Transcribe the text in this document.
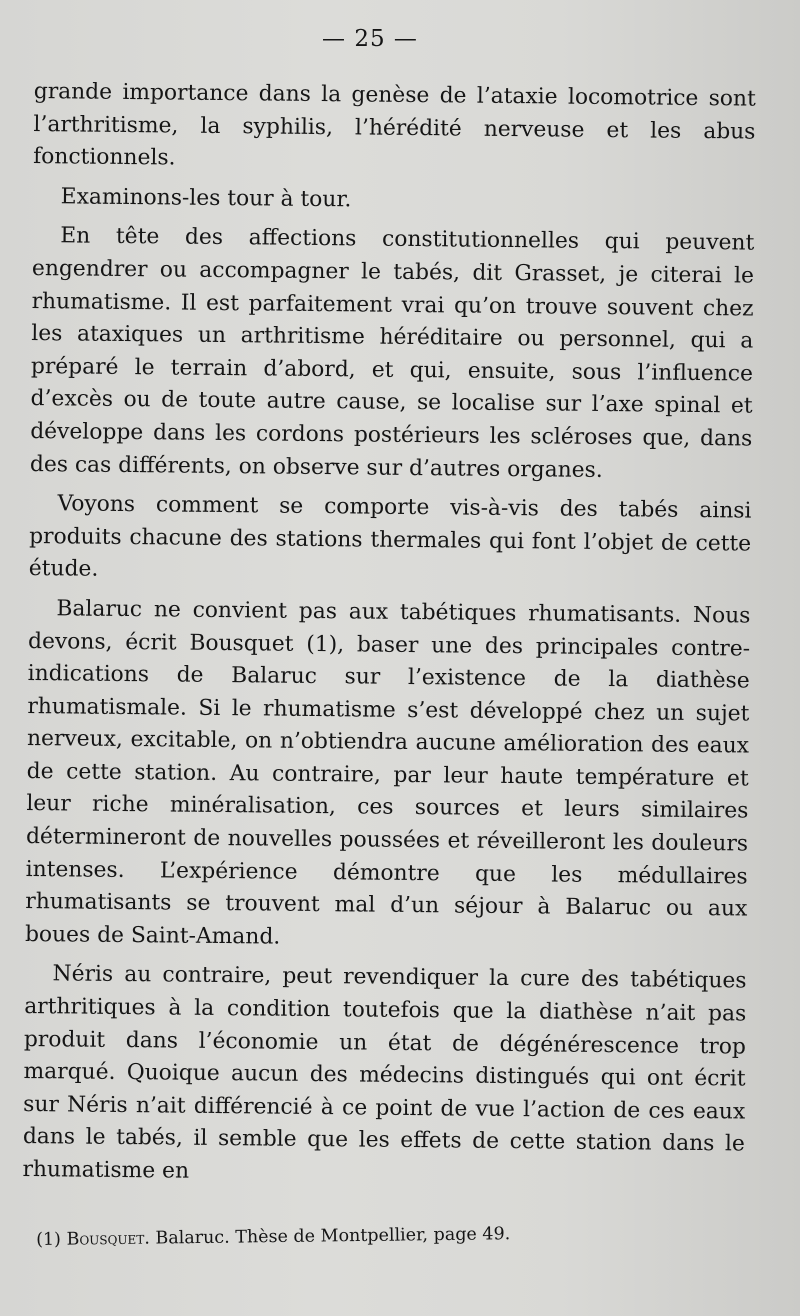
— 25 —

grande importance dans la genèse de l’ataxie locomotrice sont l’arthritisme, la syphilis, l’hérédité nerveuse et les abus fonctionnels.

Examinons-les tour à tour.

En tête des affections constitutionnelles qui peuvent engendrer ou accompagner le tabés, dit Grasset, je citerai le rhumatisme. Il est parfaitement vrai qu’on trouve souvent chez les ataxiques un arthritisme héréditaire ou personnel, qui a préparé le terrain d’abord, et qui, ensuite, sous l’influence d’excès ou de toute autre cause, se localise sur l’axe spinal et développe dans les cordons postérieurs les scléroses que, dans des cas différents, on observe sur d’autres organes.

Voyons comment se comporte vis-à-vis des tabés ainsi produits chacune des stations thermales qui font l’objet de cette étude.

Balaruc ne convient pas aux tabétiques rhumatisants. Nous devons, écrit Bousquet (1), baser une des principales contre-indications de Balaruc sur l’existence de la diathèse rhumatismale. Si le rhumatisme s’est développé chez un sujet nerveux, excitable, on n’obtiendra aucune amélioration des eaux de cette station. Au contraire, par leur haute température et leur riche minéralisation, ces sources et leurs similaires détermineront de nouvelles poussées et réveilleront les douleurs intenses. L’expérience démontre que les médullaires rhumatisants se trouvent mal d’un séjour à Balaruc ou aux boues de Saint-Amand.

Néris au contraire, peut revendiquer la cure des tabétiques arthritiques à la condition toutefois que la diathèse n’ait pas produit dans l’économie un état de dégénérescence trop marqué. Quoique aucun des médecins distingués qui ont écrit sur Néris n’ait différencié à ce point de vue l’action de ces eaux dans le tabés, il semble que les effets de cette station dans le rhumatisme en

(1) Bousquet. Balaruc. Thèse de Montpellier, page 49.
